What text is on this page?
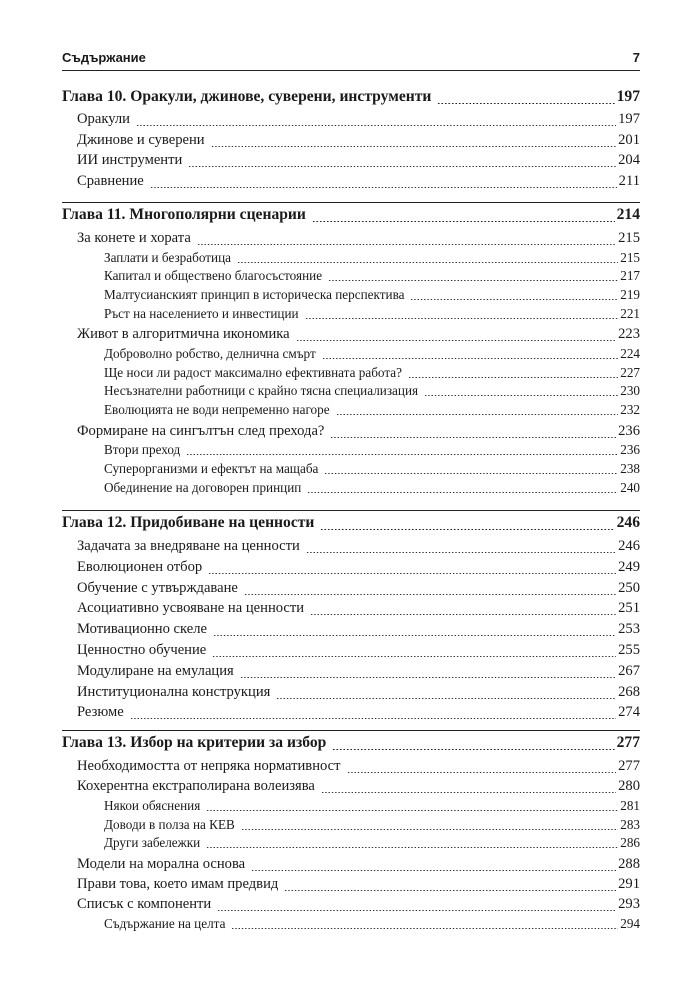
Съдържание	7
Глава 10. Оракули, джинове, суверени, инструменти	197
Оракули	197
Джинове и суверени	201
ИИ инструменти	204
Сравнение	211
Глава 11. Многополярни сценарии	214
За конете и хората	215
Заплати и безработица	215
Капитал и обществено благосъстояние	217
Малтусианският принцип в историческа перспектива	219
Ръст на населението и инвестиции	221
Живот в алгоритмична икономика	223
Доброволно робство, делнична смърт	224
Ще носи ли радост максимално ефективната работа?	227
Несъзнателни работници с крайно тясна специализация	230
Еволюцията не води непременно нагоре	232
Формиране на сингълтън след прехода?	236
Втори преход	236
Суперорганизми и ефектът на мащаба	238
Обединение на договорен принцип	240
Глава 12. Придобиване на ценности	246
Задачата за внедряване на ценности	246
Еволюционен отбор	249
Обучение с утвърждаване	250
Асоциативно усвояване на ценности	251
Мотивационно скеле	253
Ценностно обучение	255
Модулиране на емулация	267
Институционална конструкция	268
Резюме	274
Глава 13. Избор на критерии за избор	277
Необходимостта от непряка нормативност	277
Кохерентна екстраполирана волеизява	280
Някои обяснения	281
Доводи в полза на КЕВ	283
Други забележки	286
Модели на морална основа	288
Прави това, което имам предвид	291
Списък с компоненти	293
Съдържание на целта	294
